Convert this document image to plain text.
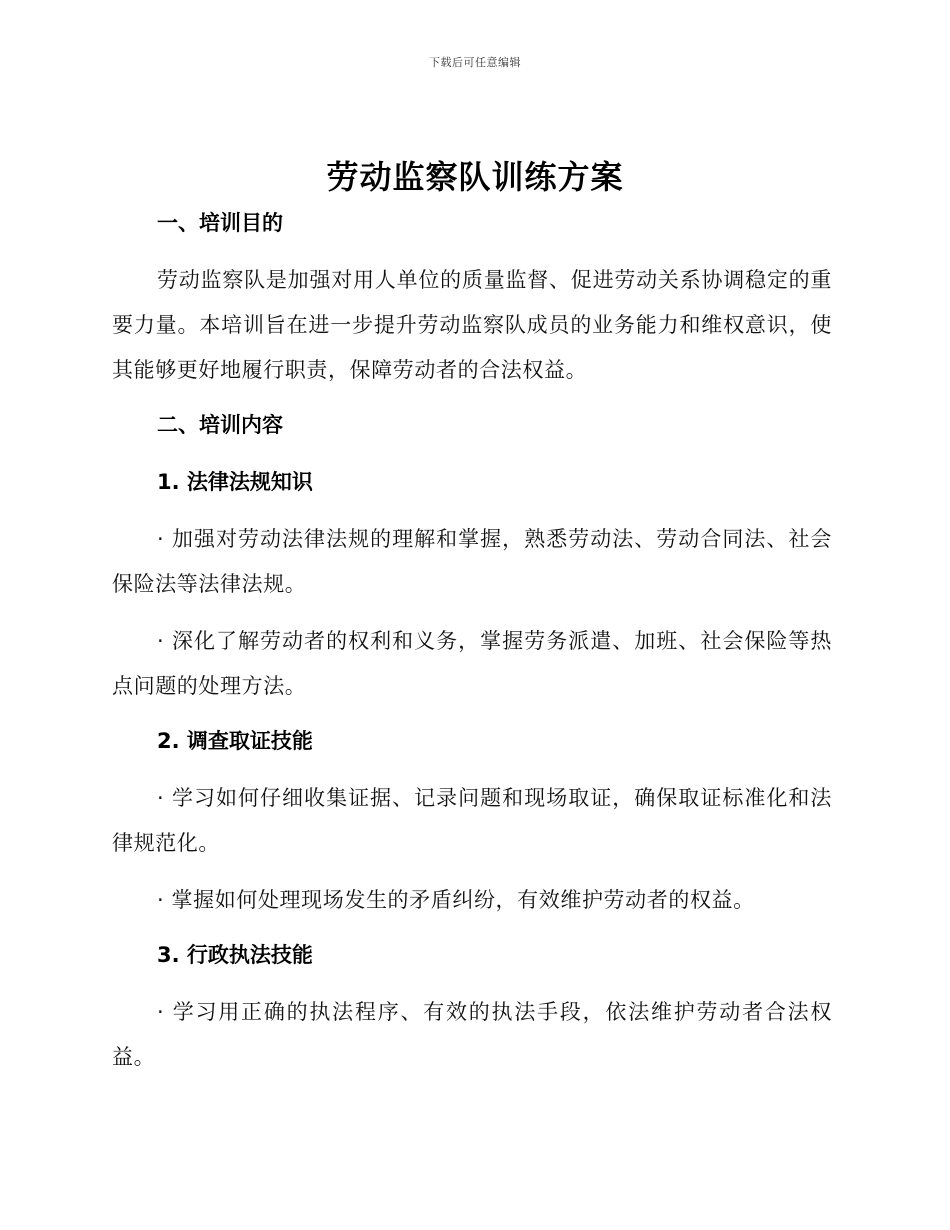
下载后可任意编辑
劳动监察队训练方案
一、培训目的

劳动监察队是加强对用人单位的质量监督、促进劳动关系协调稳定的重要力量。本培训旨在进一步提升劳动监察队成员的业务能力和维权意识，使其能够更好地履行职责，保障劳动者的合法权益。

二、培训内容
1. 法律法规知识

· 加强对劳动法律法规的理解和掌握，熟悉劳动法、劳动合同法、社会保险法等法律法规。

· 深化了解劳动者的权利和义务，掌握劳务派遣、加班、社会保险等热点问题的处理方法。

2. 调查取证技能

· 学习如何仔细收集证据、记录问题和现场取证，确保取证标准化和法律规范化。

· 掌握如何处理现场发生的矛盾纠纷，有效维护劳动者的权益。

3. 行政执法技能

· 学习用正确的执法程序、有效的执法手段，依法维护劳动者合法权益。
